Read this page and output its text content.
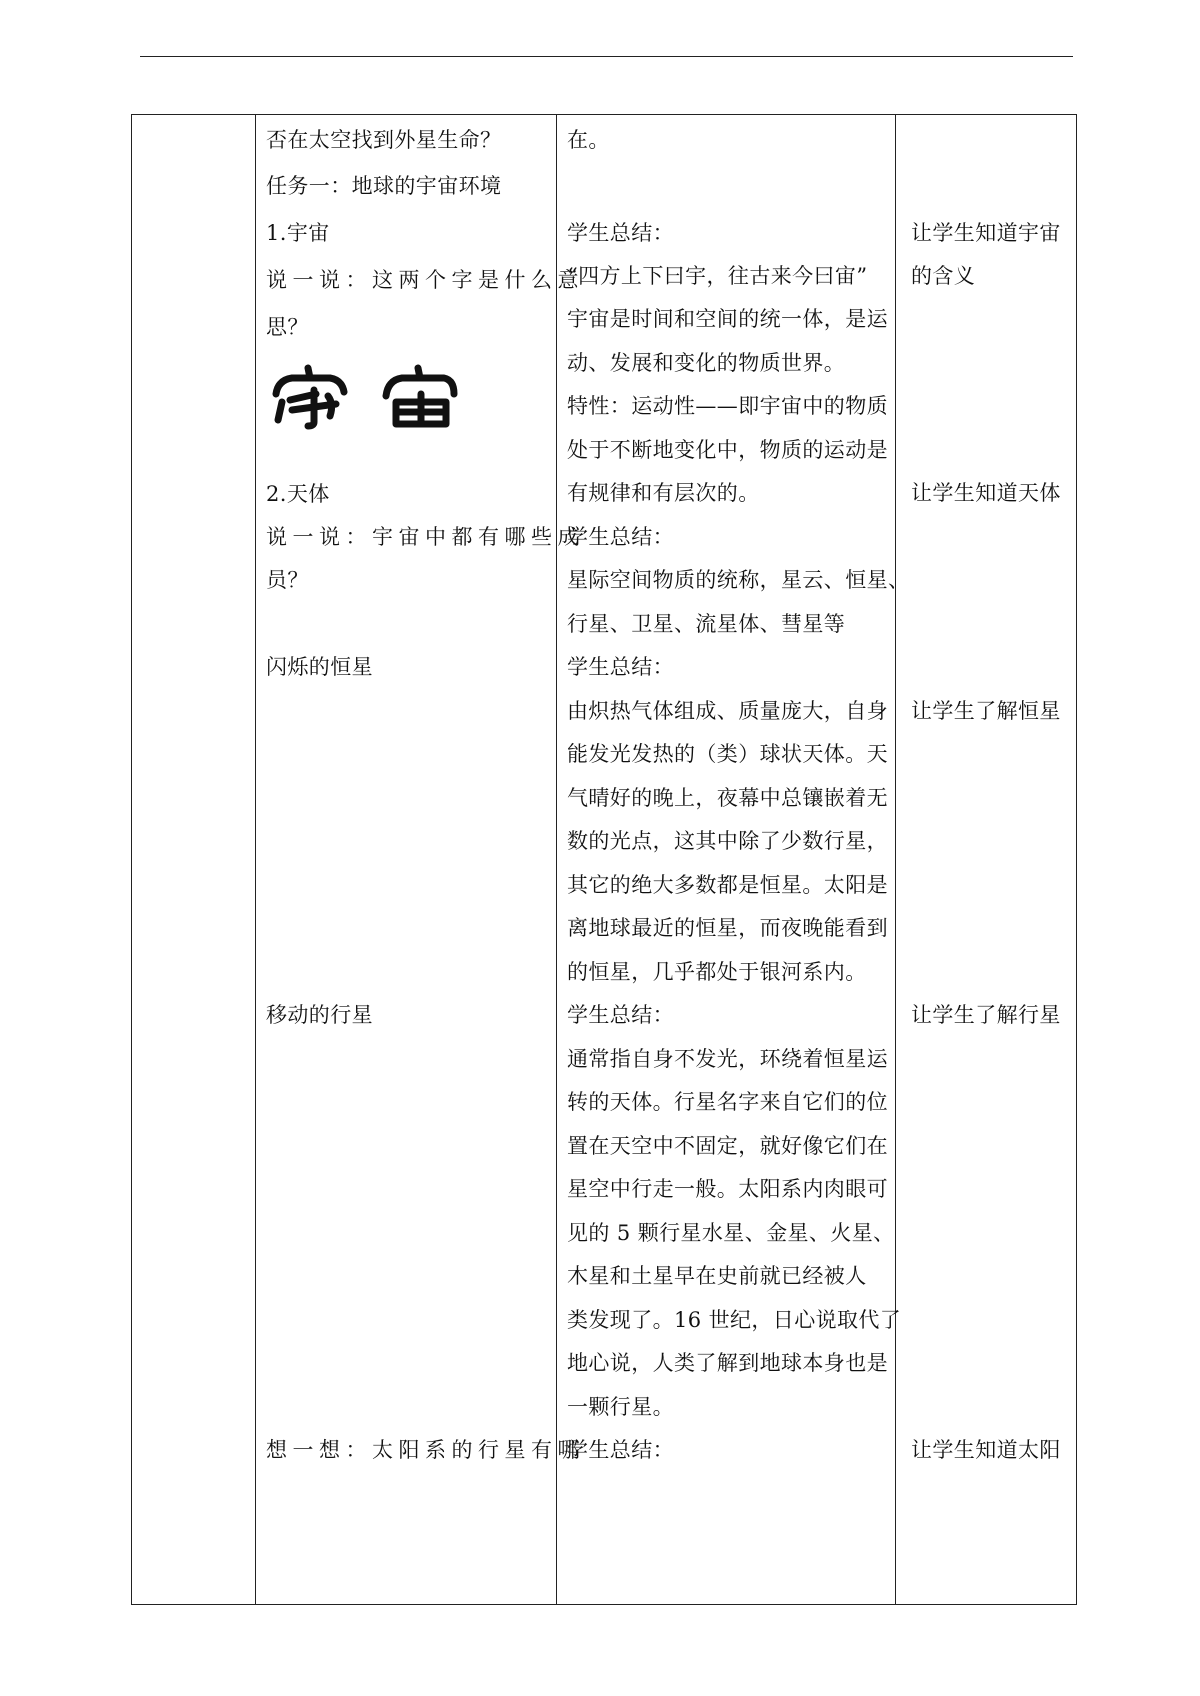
否在太空找到外星生命？
任务一：地球的宇宙环境
1.宇宙
说一说：这两个字是什么意
思？
2.天体
说一说：宇宙中都有哪些成
员？
闪烁的恒星
移动的行星
想一想：太阳系的行星有哪
在。
学生总结：
“四方上下曰宇，往古来今曰宙”
宇宙是时间和空间的统一体，是运
动、发展和变化的物质世界。
特性：运动性——即宇宙中的物质
处于不断地变化中，物质的运动是
有规律和有层次的。
学生总结：
星际空间物质的统称，星云、恒星、
行星、卫星、流星体、彗星等
学生总结：
由炽热气体组成、质量庞大，自身
能发光发热的（类）球状天体。天
气晴好的晚上，夜幕中总镶嵌着无
数的光点，这其中除了少数行星，
其它的绝大多数都是恒星。太阳是
离地球最近的恒星，而夜晚能看到
的恒星，几乎都处于银河系内。
学生总结：
通常指自身不发光，环绕着恒星运
转的天体。行星名字来自它们的位
置在天空中不固定，就好像它们在
星空中行走一般。太阳系内肉眼可
见的 5 颗行星水星、金星、火星、
木星和土星早在史前就已经被人
类发现了。16 世纪，日心说取代了
地心说，人类了解到地球本身也是
一颗行星。
学生总结：
让学生知道宇宙
的含义
让学生知道天体
让学生了解恒星
让学生了解行星
让学生知道太阳
